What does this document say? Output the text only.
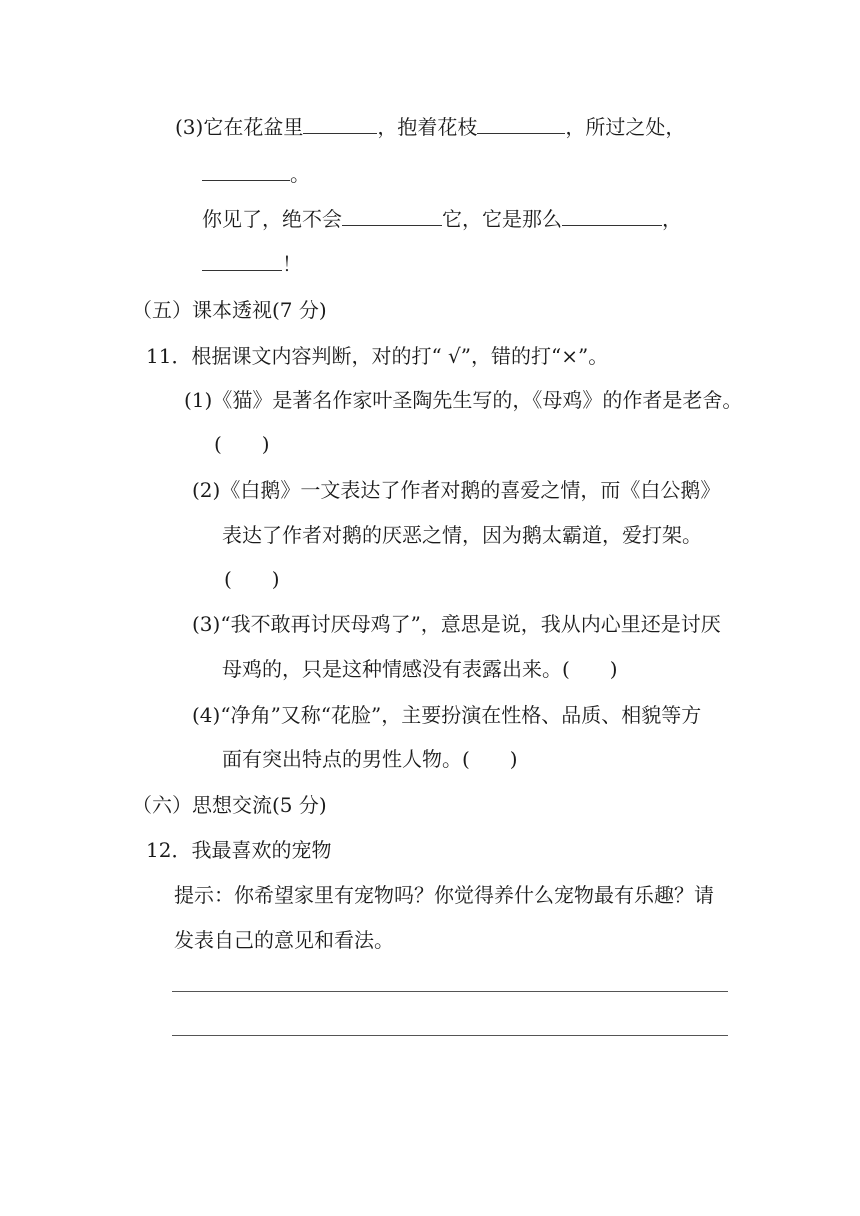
(3)它在花盆里	，抱着花枝	，所过之处，
。
你见了，绝不会	它，它是那么	，
！
（五）课本透视(7 分)
11．根据课文内容判断，对的打“ √”，错的打“×”。
(1)《猫》是著名作家叶圣陶先生写的，《母鸡》的作者是老舍。
(　　)
(2)《白鹅》一文表达了作者对鹅的喜爱之情，而《白公鹅》
表达了作者对鹅的厌恶之情，因为鹅太霸道，爱打架。
(　　)
(3)“我不敢再讨厌母鸡了”，意思是说，我从内心里还是讨厌
母鸡的，只是这种情感没有表露出来。(　　)
(4)“净角”又称“花脸”，主要扮演在性格、品质、相貌等方
面有突出特点的男性人物。(　　)
（六）思想交流(5 分)
12．我最喜欢的宠物
提示：你希望家里有宠物吗？你觉得养什么宠物最有乐趣？请
发表自己的意见和看法。
